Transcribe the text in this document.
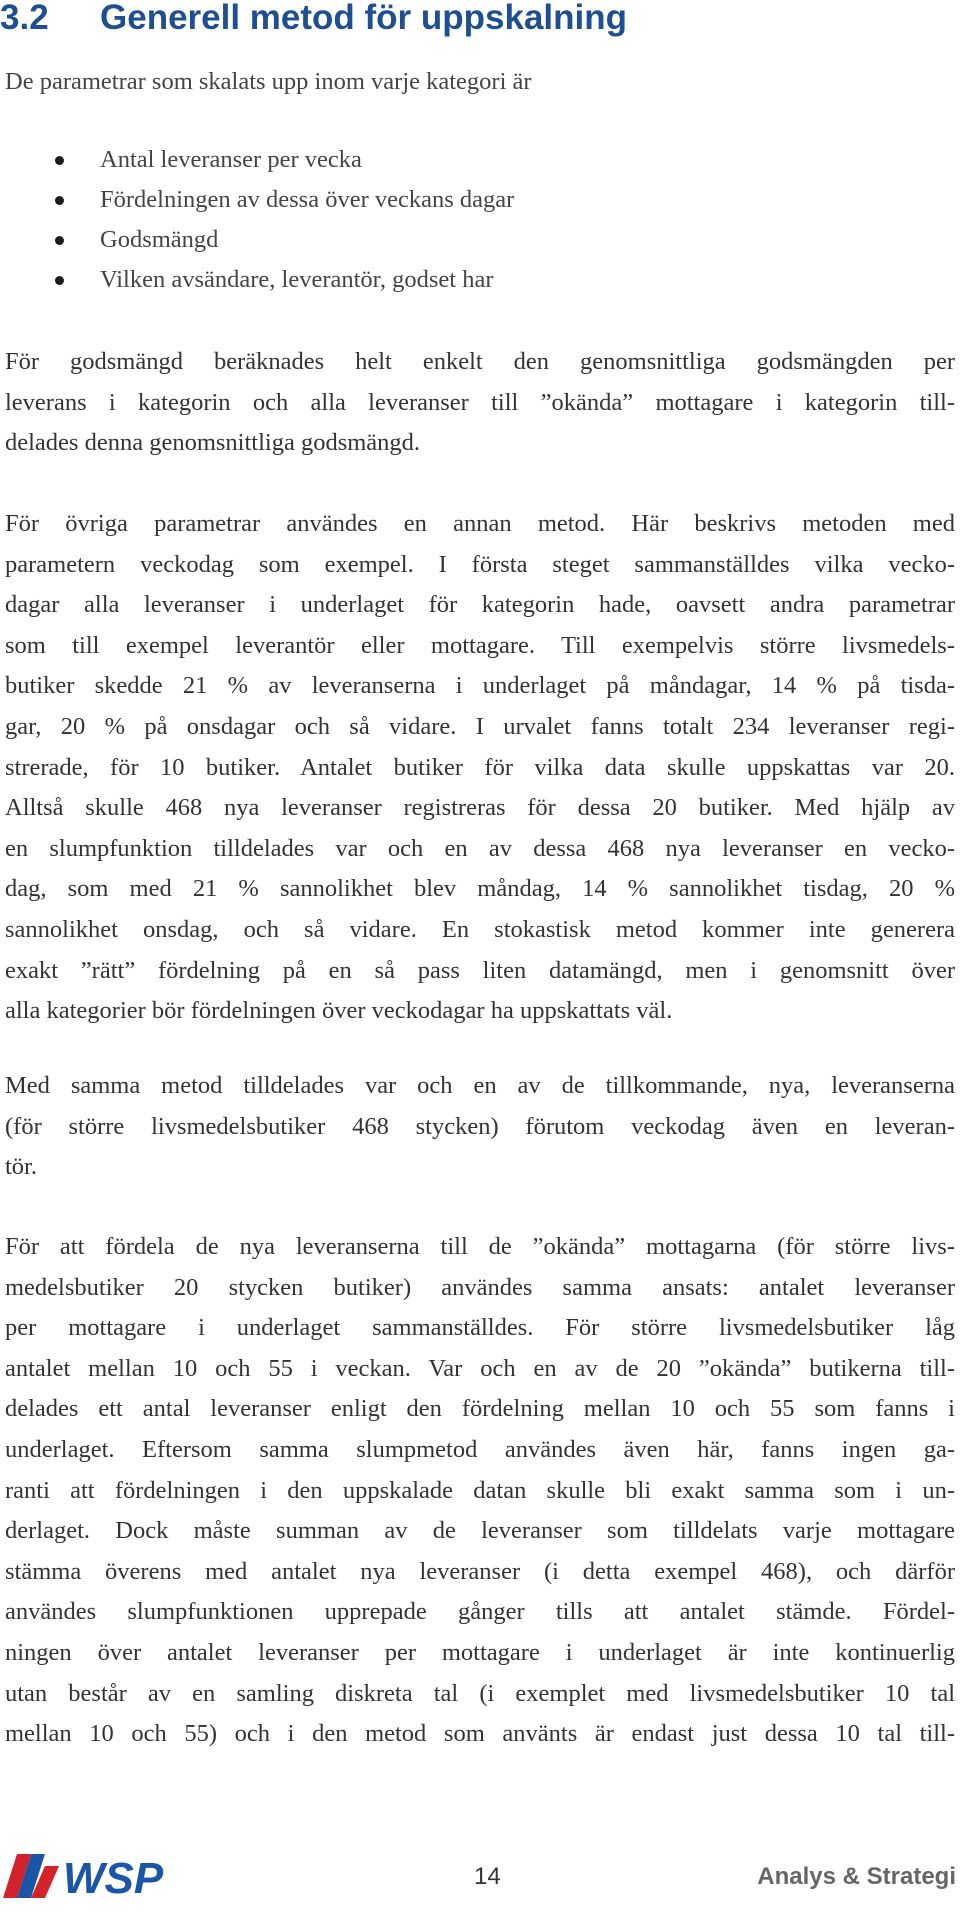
3.2 Generell metod för uppskalning

De parametrar som skalats upp inom varje kategori är

Antal leveranser per vecka
Fördelningen av dessa över veckans dagar
Godsmängd
Vilken avsändare, leverantör, godset har

För godsmängd beräknades helt enkelt den genomsnittliga godsmängden per
leverans i kategorin och alla leveranser till ”okända” mottagare i kategorin till-
delades denna genomsnittliga godsmängd.

För övriga parametrar användes en annan metod. Här beskrivs metoden med
parametern veckodag som exempel. I första steget sammanställdes vilka vecko-
dagar alla leveranser i underlaget för kategorin hade, oavsett andra parametrar
som till exempel leverantör eller mottagare. Till exempelvis större livsmedels-
butiker skedde 21 % av leveranserna i underlaget på måndagar, 14 % på tisda-
gar, 20 % på onsdagar och så vidare. I urvalet fanns totalt 234 leveranser regi-
strerade, för 10 butiker. Antalet butiker för vilka data skulle uppskattas var 20.
Alltså skulle 468 nya leveranser registreras för dessa 20 butiker. Med hjälp av
en slumpfunktion tilldelades var och en av dessa 468 nya leveranser en vecko-
dag, som med 21 % sannolikhet blev måndag, 14 % sannolikhet tisdag, 20 %
sannolikhet onsdag, och så vidare. En stokastisk metod kommer inte generera
exakt ”rätt” fördelning på en så pass liten datamängd, men i genomsnitt över
alla kategorier bör fördelningen över veckodagar ha uppskattats väl.

Med samma metod tilldelades var och en av de tillkommande, nya, leveranserna
(för större livsmedelsbutiker 468 stycken) förutom veckodag även en leveran-
tör.

För att fördela de nya leveranserna till de ”okända” mottagarna (för större livs-
medelsbutiker 20 stycken butiker) användes samma ansats: antalet leveranser
per mottagare i underlaget sammanställdes. För större livsmedelsbutiker låg
antalet mellan 10 och 55 i veckan. Var och en av de 20 ”okända” butikerna till-
delades ett antal leveranser enligt den fördelning mellan 10 och 55 som fanns i
underlaget. Eftersom samma slumpmetod användes även här, fanns ingen ga-
ranti att fördelningen i den uppskalade datan skulle bli exakt samma som i un-
derlaget. Dock måste summan av de leveranser som tilldelats varje mottagare
stämma överens med antalet nya leveranser (i detta exempel 468), och därför
användes slumpfunktionen upprepade gånger tills att antalet stämde. Fördel-
ningen över antalet leveranser per mottagare i underlaget är inte kontinuerlig
utan består av en samling diskreta tal (i exemplet med livsmedelsbutiker 10 tal
mellan 10 och 55) och i den metod som använts är endast just dessa 10 tal till-

WSP	14	Analys & Strategi
